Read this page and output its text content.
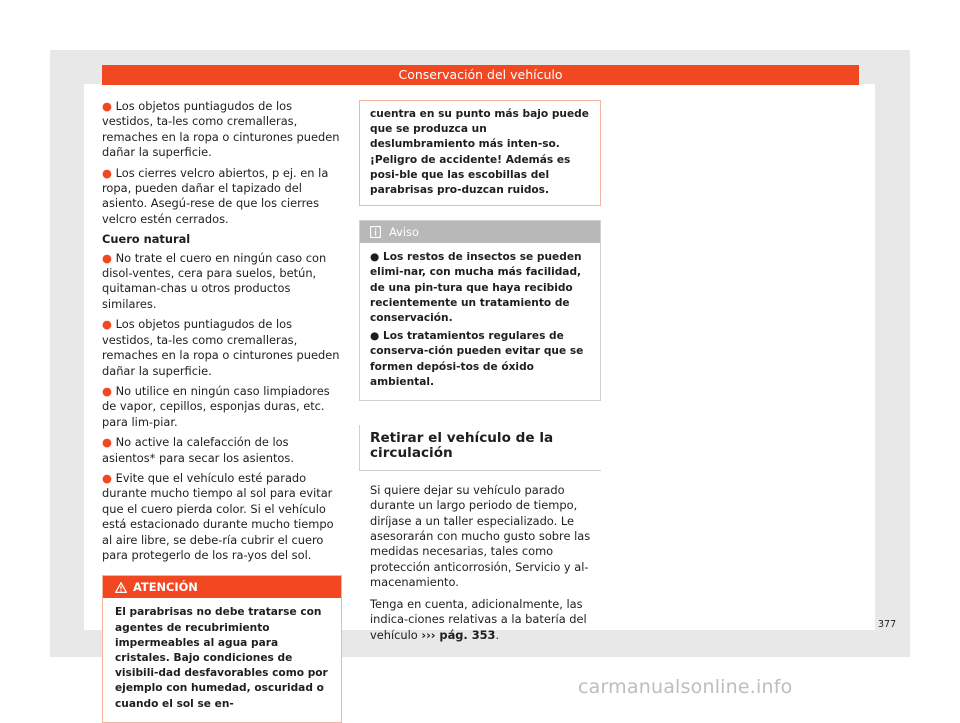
Conservación del vehículo
● Los objetos puntiagudos de los vestidos, ta-les como cremalleras, remaches en la ropa o cinturones pueden dañar la superficie.
● Los cierres velcro abiertos, p ej. en la ropa, pueden dañar el tapizado del asiento. Asegú-rese de que los cierres velcro estén cerrados.
Cuero natural
● No trate el cuero en ningún caso con disol-ventes, cera para suelos, betún, quitaman-chas u otros productos similares.
● Los objetos puntiagudos de los vestidos, ta-les como cremalleras, remaches en la ropa o cinturones pueden dañar la superficie.
● No utilice en ningún caso limpiadores de vapor, cepillos, esponjas duras, etc. para lim-piar.
● No active la calefacción de los asientos* para secar los asientos.
● Evite que el vehículo esté parado durante mucho tiempo al sol para evitar que el cuero pierda color. Si el vehículo está estacionado durante mucho tiempo al aire libre, se debe-ría cubrir el cuero para protegerlo de los ra-yos del sol.
ATENCIÓN
El parabrisas no debe tratarse con agentes de recubrimiento impermeables al agua para cristales. Bajo condiciones de visibili-dad desfavorables como por ejemplo con humedad, oscuridad o cuando el sol se en-
cuentra en su punto más bajo puede que se produzca un deslumbramiento más inten-so. ¡Peligro de accidente! Además es posi-ble que las escobillas del parabrisas pro-duzcan ruidos.
Aviso
● Los restos de insectos se pueden elimi-nar, con mucha más facilidad, de una pin-tura que haya recibido recientemente un tratamiento de conservación.
● Los tratamientos regulares de conserva-ción pueden evitar que se formen depósi-tos de óxido ambiental.
Retirar el vehículo de la circulación
Si quiere dejar su vehículo parado durante un largo periodo de tiempo, diríjase a un taller especializado. Le asesorarán con mucho gusto sobre las medidas necesarias, tales como protección anticorrosión, Servicio y al-macenamiento.
Tenga en cuenta, adicionalmente, las indica-ciones relativas a la batería del vehículo ››› pág. 353.
377
carmanualsonline.info
